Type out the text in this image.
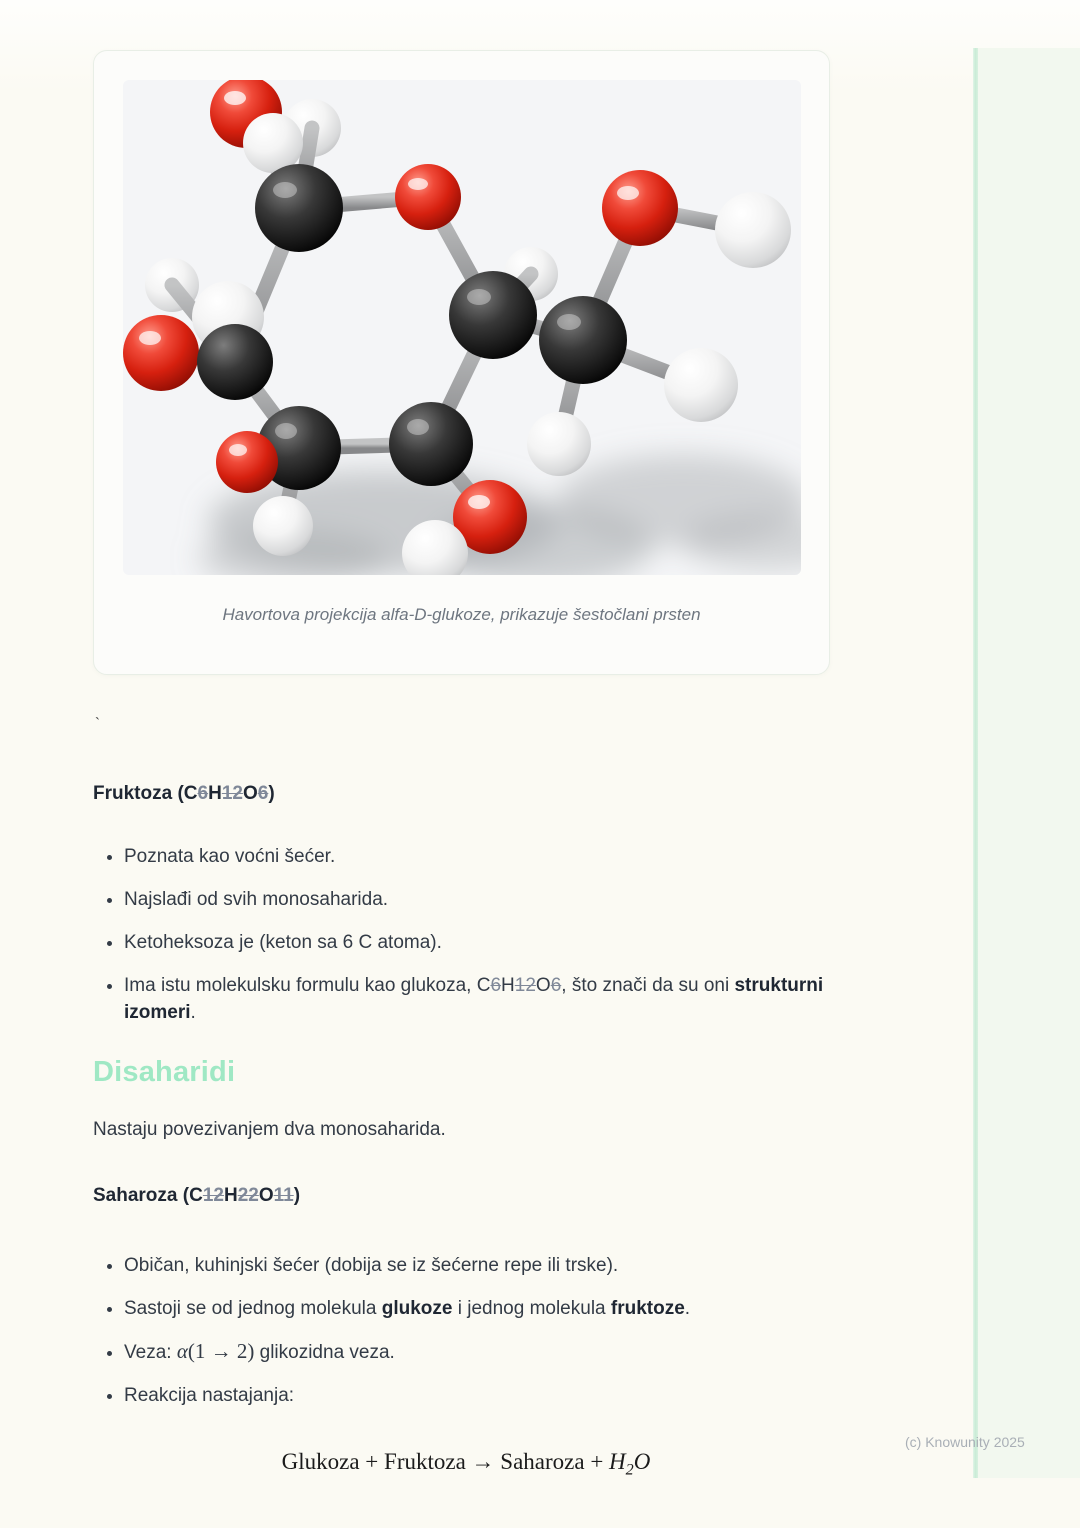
Havortova projekcija alfa-D-glukoze, prikazuje šestočlani prsten

`

Fruktoza (C6H12O6)
• Poznata kao voćni šećer.
• Najslađi od svih monosaharida.
• Ketoheksoza je (keton sa 6 C atoma).
• Ima istu molekulsku formulu kao glukoza, C6H12O6, što znači da su oni strukturni izomeri.
Disaharidi

Nastaju povezivanjem dva monosaharida.

Saharoza (C12H22O11)
• Običan, kuhinjski šećer (dobija se iz šećerne repe ili trske).
• Sastoji se od jednog molekula glukoze i jednog molekula fruktoze.
• Veza: α(1 → 2) glikozidna veza.
• Reakcija nastajanja:
Glukoza + Fruktoza → Saharoza + $H_2O$
(c) Knowunity 2025
